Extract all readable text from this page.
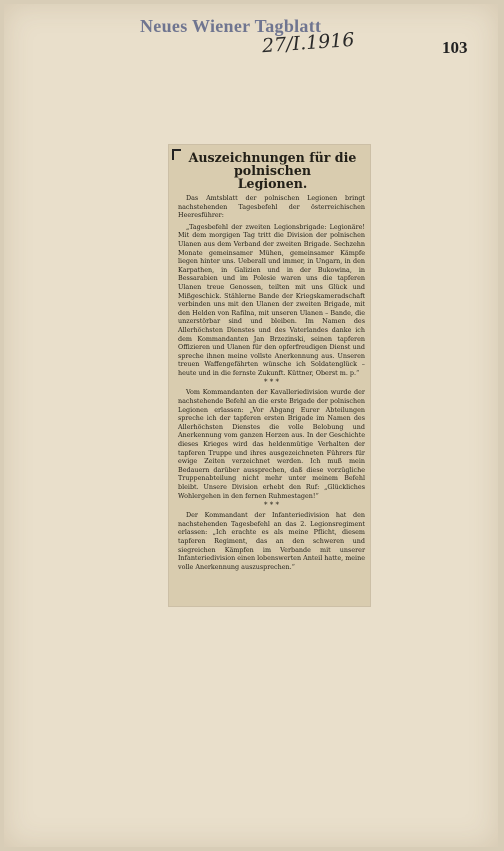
Neues Wiener Tagblatt
27/I.1916	103
Auszeichnungen für die polnischen
Legionen.

Das Amtsblatt der polnischen Legionen bringt nachstehenden Tagesbefehl der österreichischen Heeresführer:

„Tagesbefehl der zweiten Legionsbrigade: Legionäre! Mit dem morgigen Tag tritt die Division der polnischen Ulanen aus dem Verband der zweiten Brigade. Sechzehn Monate gemeinsamer Mühen, gemeinsamer Kämpfe liegen hinter uns. Ueberall und immer, in Ungarn, in den Karpathen, in Galizien und in der Bukowina, in Bessarabien und im Polesie waren uns die tapferen Ulanen treue Genossen, teilten mit uns Glück und Mißgeschick. Stählerne Bande der Kriegskameradschaft verbinden uns mit den Ulanen der zweiten Brigade, mit den Helden von Rafilna, mit unseren Ulanen – Bande, die unzerstörbar sind und bleiben. Im Namen des Allerhöchsten Dienstes und des Vaterlandes danke ich dem Kommandanten Jan Brzezinski, seinen tapferen Offizieren und Ulanen für den opferfreudigen Dienst und spreche ihnen meine vollste Anerkennung aus. Unseren treuen Waffengefährten wünsche ich Soldatenglück – heute und in die fernste Zukunft. Küttner, Oberst m. p.“

* * *

Vom Kommandanten der Kavalleriedivision wurde der nachstehende Befehl an die erste Brigade der polnischen Legionen erlassen: „Vor Abgang Eurer Abteilungen spreche ich der tapferen ersten Brigade im Namen des Allerhöchsten Dienstes die volle Belobung und Anerkennung vom ganzen Herzen aus. In der Geschichte dieses Krieges wird das heldenmütige Verhalten der tapferen Truppe und ihres ausgezeichneten Führers für ewige Zeiten verzeichnet werden. Ich muß mein Bedauern darüber aussprechen, daß diese vorzügliche Truppenabteilung nicht mehr unter meinem Befehl bleibt. Unsere Division erhebt den Ruf: „Glückliches Wohlergehen in den fernen Ruhmestagen!“

* * *

Der Kommandant der Infanteriedivision hat den nachstehenden Tagesbefehl an das 2. Legionsregiment erlassen: „Ich erachte es als meine Pflicht, diesem tapferen Regiment, das an den schweren und siegreichen Kämpfen im Verbande mit unserer Infanteriedivision einen lobenswerten Anteil hatte, meine volle Anerkennung auszusprechen.“
